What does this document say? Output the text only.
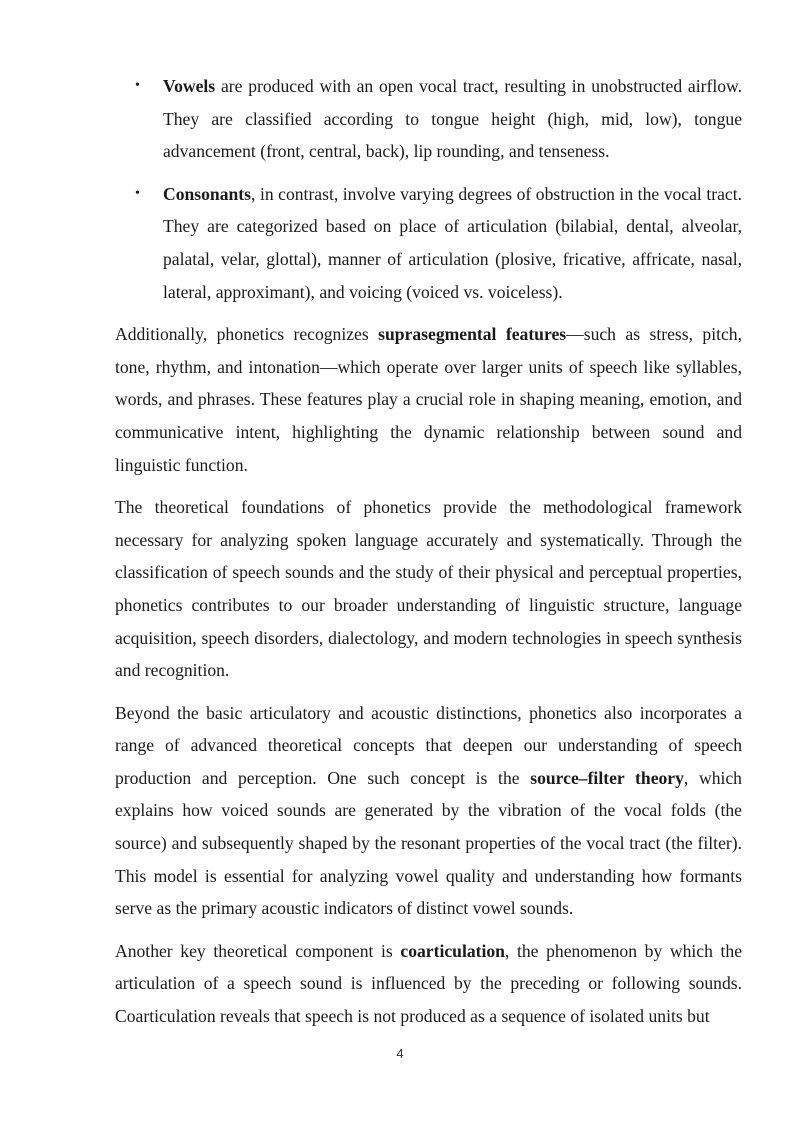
• Vowels are produced with an open vocal tract, resulting in unobstructed airflow. They are classified according to tongue height (high, mid, low), tongue advancement (front, central, back), lip rounding, and tenseness.
• Consonants, in contrast, involve varying degrees of obstruction in the vocal tract. They are categorized based on place of articulation (bilabial, dental, alveolar, palatal, velar, glottal), manner of articulation (plosive, fricative, affricate, nasal, lateral, approximant), and voicing (voiced vs. voiceless).

Additionally, phonetics recognizes suprasegmental features—such as stress, pitch, tone, rhythm, and intonation—which operate over larger units of speech like syllables, words, and phrases. These features play a crucial role in shaping meaning, emotion, and communicative intent, highlighting the dynamic relationship between sound and linguistic function.

The theoretical foundations of phonetics provide the methodological framework necessary for analyzing spoken language accurately and systematically. Through the classification of speech sounds and the study of their physical and perceptual properties, phonetics contributes to our broader understanding of linguistic structure, language acquisition, speech disorders, dialectology, and modern technologies in speech synthesis and recognition.

Beyond the basic articulatory and acoustic distinctions, phonetics also incorporates a range of advanced theoretical concepts that deepen our understanding of speech production and perception. One such concept is the source–filter theory, which explains how voiced sounds are generated by the vibration of the vocal folds (the source) and subsequently shaped by the resonant properties of the vocal tract (the filter). This model is essential for analyzing vowel quality and understanding how formants serve as the primary acoustic indicators of distinct vowel sounds.

Another key theoretical component is coarticulation, the phenomenon by which the articulation of a speech sound is influenced by the preceding or following sounds. Coarticulation reveals that speech is not produced as a sequence of isolated units but

4
